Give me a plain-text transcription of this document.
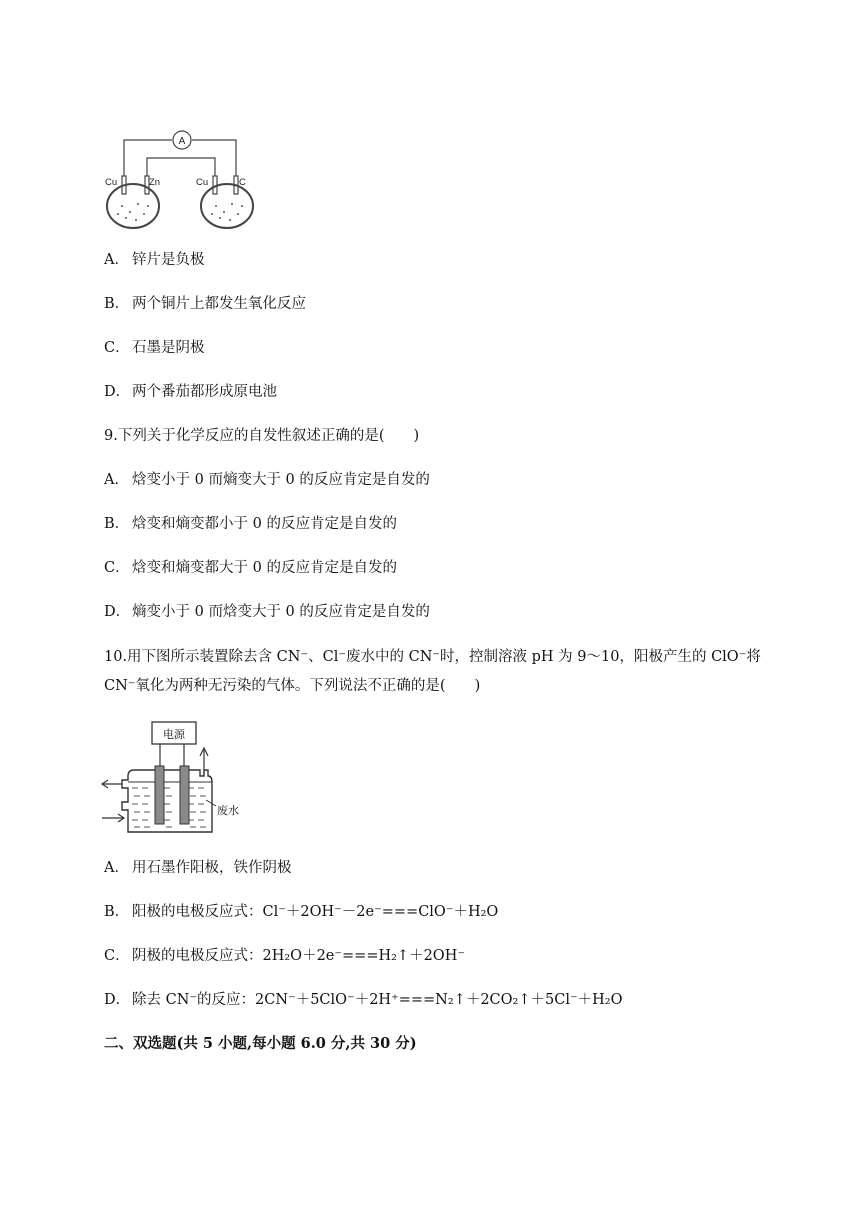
A
Cu	Zn	Cu	C
A． 锌片是负极
B． 两个铜片上都发生氧化反应
C． 石墨是阴极
D． 两个番茄都形成原电池
9.下列关于化学反应的自发性叙述正确的是(　　)
A． 焓变小于 0 而熵变大于 0 的反应肯定是自发的
B． 焓变和熵变都小于 0 的反应肯定是自发的
C． 焓变和熵变都大于 0 的反应肯定是自发的
D． 熵变小于 0 而焓变大于 0 的反应肯定是自发的
10.用下图所示装置除去含 CN⁻、Cl⁻废水中的 CN⁻时，控制溶液 pH 为 9～10，阳极产生的 ClO⁻将
CN⁻氧化为两种无污染的气体。下列说法不正确的是(　　)
电源
废水
A． 用石墨作阳极，铁作阴极
B． 阳极的电极反应式：Cl⁻＋2OH⁻－2e⁻===ClO⁻＋H₂O
C． 阴极的电极反应式：2H₂O＋2e⁻===H₂↑＋2OH⁻
D． 除去 CN⁻的反应：2CN⁻＋5ClO⁻＋2H⁺===N₂↑＋2CO₂↑＋5Cl⁻＋H₂O
二、双选题(共 5 小题,每小题 6.0 分,共 30 分)
